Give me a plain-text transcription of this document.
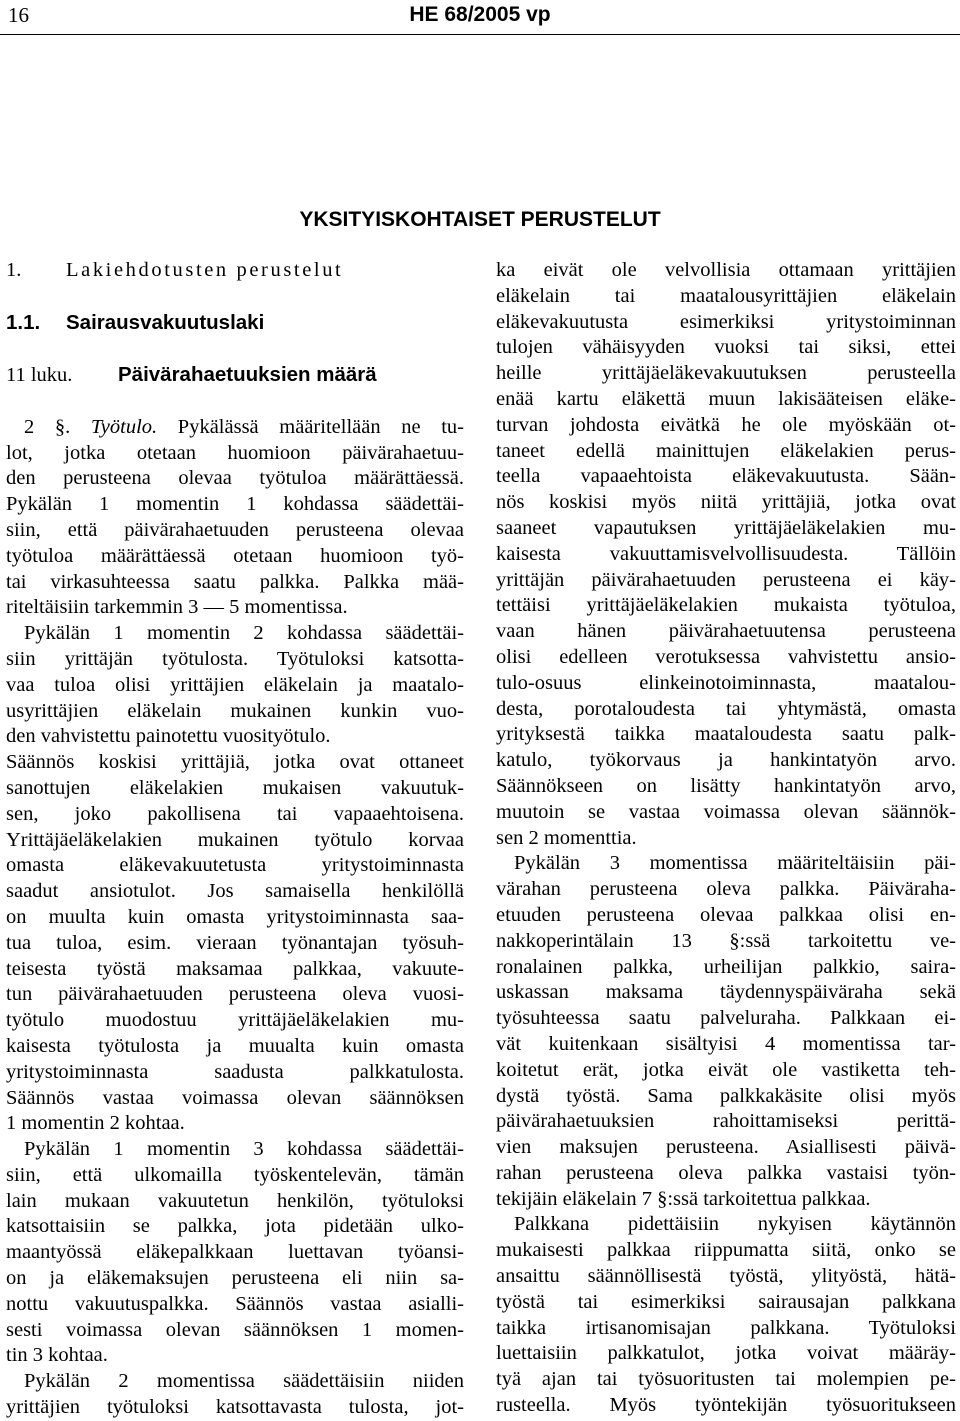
16	HE 68/2005 vp
YKSITYISKOHTAISET PERUSTELUT
1. Lakiehdotusten perustelut
1.1. Sairausvakuutuslaki
11 luku. Päivärahaetuuksien määrä
2 §. Työtulo. Pykälässä määritellään ne tu-
lot, jotka otetaan huomioon päivärahaetuu-
den perusteena olevaa työtuloa määrättäessä.
Pykälän 1 momentin 1 kohdassa säädettäi-
siin, että päivärahaetuuden perusteena olevaa
työtuloa määrättäessä otetaan huomioon työ-
tai virkasuhteessa saatu palkka. Palkka mää-
riteltäisiin tarkemmin 3 — 5 momentissa.
Pykälän 1 momentin 2 kohdassa säädettäi-
siin yrittäjän työtulosta. Työtuloksi katsotta-
vaa tuloa olisi yrittäjien eläkelain ja maatalo-
usyrittäjien eläkelain mukainen kunkin vuo-
den vahvistettu painotettu vuosityötulo.
Säännös koskisi yrittäjiä, jotka ovat ottaneet
sanottujen eläkelakien mukaisen vakuutuk-
sen, joko pakollisena tai vapaaehtoisena.
Yrittäjäeläkelakien mukainen työtulo korvaa
omasta eläkevakuutetusta yritystoiminnasta
saadut ansiotulot. Jos samaisella henkilöllä
on muulta kuin omasta yritystoiminnasta saa-
tua tuloa, esim. vieraan työnantajan työsuh-
teisesta työstä maksamaa palkkaa, vakuute-
tun päivärahaetuuden perusteena oleva vuosi-
työtulo muodostuu yrittäjäeläkelakien mu-
kaisesta työtulosta ja muualta kuin omasta
yritystoiminnasta saadusta palkkatulosta.
Säännös vastaa voimassa olevan säännöksen
1 momentin 2 kohtaa.
Pykälän 1 momentin 3 kohdassa säädettäi-
siin, että ulkomailla työskentelevän, tämän
lain mukaan vakuutetun henkilön, työtuloksi
katsottaisiin se palkka, jota pidetään ulko-
maantyössä eläkepalkkaan luettavan työansi-
on ja eläkemaksujen perusteena eli niin sa-
nottu vakuutuspalkka. Säännös vastaa asialli-
sesti voimassa olevan säännöksen 1 momen-
tin 3 kohtaa.
Pykälän 2 momentissa säädettäisiin niiden
yrittäjien työtuloksi katsottavasta tulosta, jot-
ka eivät ole velvollisia ottamaan yrittäjien
eläkelain tai maatalousyrittäjien eläkelain
eläkevakuutusta esimerkiksi yritystoiminnan
tulojen vähäisyyden vuoksi tai siksi, ettei
heille yrittäjäeläkevakuutuksen perusteella
enää kartu eläkettä muun lakisääteisen eläke-
turvan johdosta eivätkä he ole myöskään ot-
taneet edellä mainittujen eläkelakien perus-
teella vapaaehtoista eläkevakuutusta. Sään-
nös koskisi myös niitä yrittäjiä, jotka ovat
saaneet vapautuksen yrittäjäeläkelakien mu-
kaisesta vakuuttamisvelvollisuudesta. Tällöin
yrittäjän päivärahaetuuden perusteena ei käy-
tettäisi yrittäjäeläkelakien mukaista työtuloa,
vaan hänen päivärahaetuutensa perusteena
olisi edelleen verotuksessa vahvistettu ansio-
tulo-osuus elinkeinotoiminnasta, maatalou-
desta, porotaloudesta tai yhtymästä, omasta
yrityksestä taikka maataloudesta saatu palk-
katulo, työkorvaus ja hankintatyön arvo.
Säännökseen on lisätty hankintatyön arvo,
muutoin se vastaa voimassa olevan säännök-
sen 2 momenttia.
Pykälän 3 momentissa määriteltäisiin päi-
värahan perusteena oleva palkka. Päiväraha-
etuuden perusteena olevaa palkkaa olisi en-
nakkoperintälain 13 §:ssä tarkoitettu ve-
ronalainen palkka, urheilijan palkkio, saira-
uskassan maksama täydennyspäiväraha sekä
työsuhteessa saatu palveluraha. Palkkaan ei-
vät kuitenkaan sisältyisi 4 momentissa tar-
koitetut erät, jotka eivät ole vastiketta teh-
dystä työstä. Sama palkkakäsite olisi myös
päivärahaetuuksien rahoittamiseksi perittä-
vien maksujen perusteena. Asiallisesti päivä-
rahan perusteena oleva palkka vastaisi työn-
tekijäin eläkelain 7 §:ssä tarkoitettua palkkaa.
Palkkana pidettäisiin nykyisen käytännön
mukaisesti palkkaa riippumatta siitä, onko se
ansaittu säännöllisestä työstä, ylityöstä, hätä-
työstä tai esimerkiksi sairausajan palkkana
taikka irtisanomisajan palkkana. Työtuloksi
luettaisiin palkkatulot, jotka voivat määräy-
tyä ajan tai työsuoritusten tai molempien pe-
rusteella. Myös työntekijän työsuoritukseen
